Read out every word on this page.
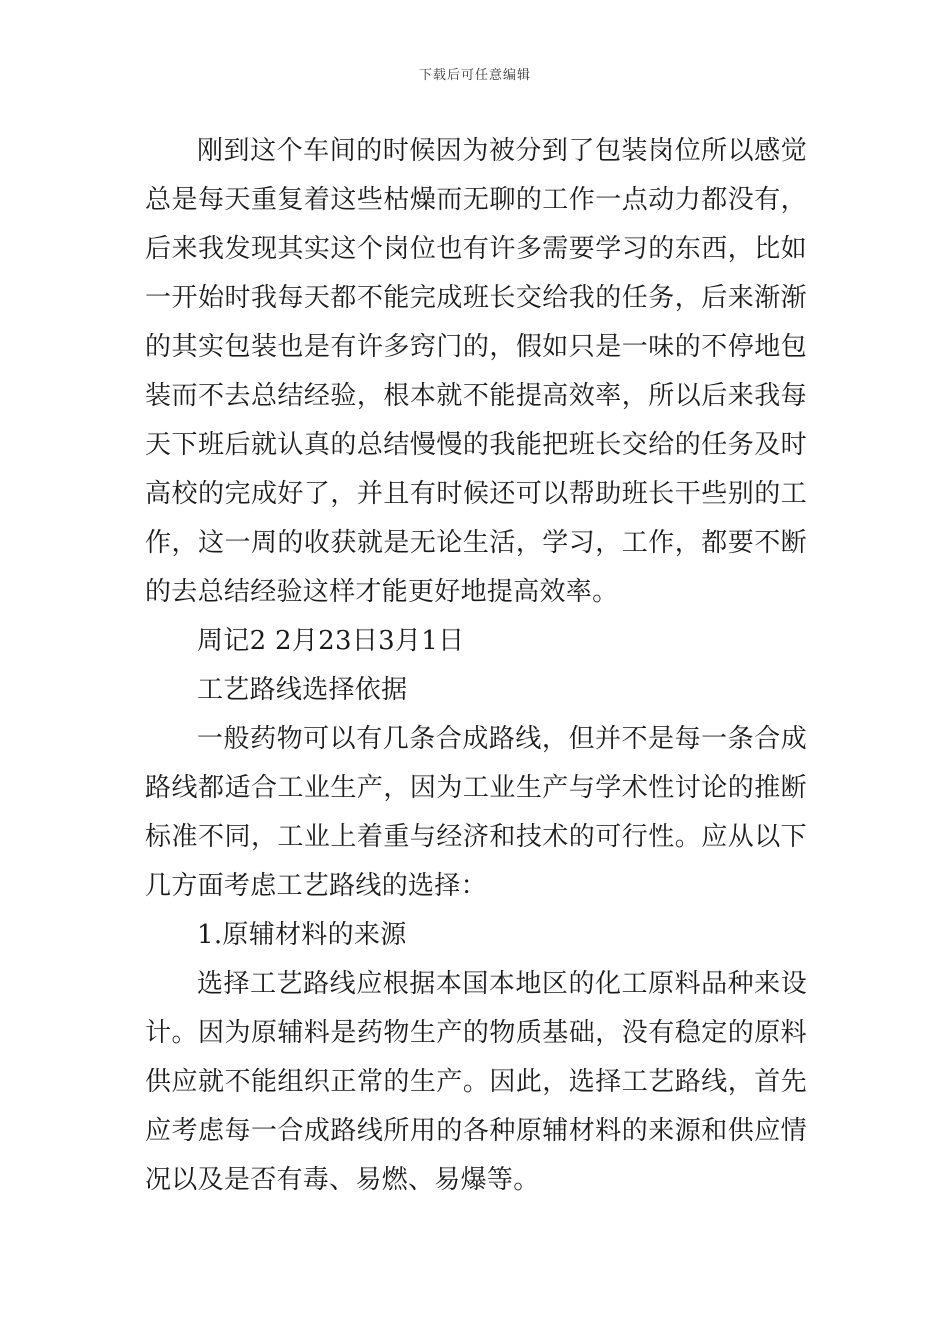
下载后可任意编辑

刚到这个车间的时候因为被分到了包装岗位所以感觉总是每天重复着这些枯燥而无聊的工作一点动力都没有，后来我发现其实这个岗位也有许多需要学习的东西，比如一开始时我每天都不能完成班长交给我的任务，后来渐渐的其实包装也是有许多窍门的，假如只是一味的不停地包装而不去总结经验，根本就不能提高效率，所以后来我每天下班后就认真的总结慢慢的我能把班长交给的任务及时高校的完成好了，并且有时候还可以帮助班长干些别的工作，这一周的收获就是无论生活，学习，工作，都要不断的去总结经验这样才能更好地提高效率。

周记2 2月23日3月1日

工艺路线选择依据

一般药物可以有几条合成路线，但并不是每一条合成路线都适合工业生产，因为工业生产与学术性讨论的推断标准不同，工业上着重与经济和技术的可行性。应从以下几方面考虑工艺路线的选择：

1.原辅材料的来源

选择工艺路线应根据本国本地区的化工原料品种来设计。因为原辅料是药物生产的物质基础，没有稳定的原料供应就不能组织正常的生产。因此，选择工艺路线，首先应考虑每一合成路线所用的各种原辅材料的来源和供应情况以及是否有毒、易燃、易爆等。
